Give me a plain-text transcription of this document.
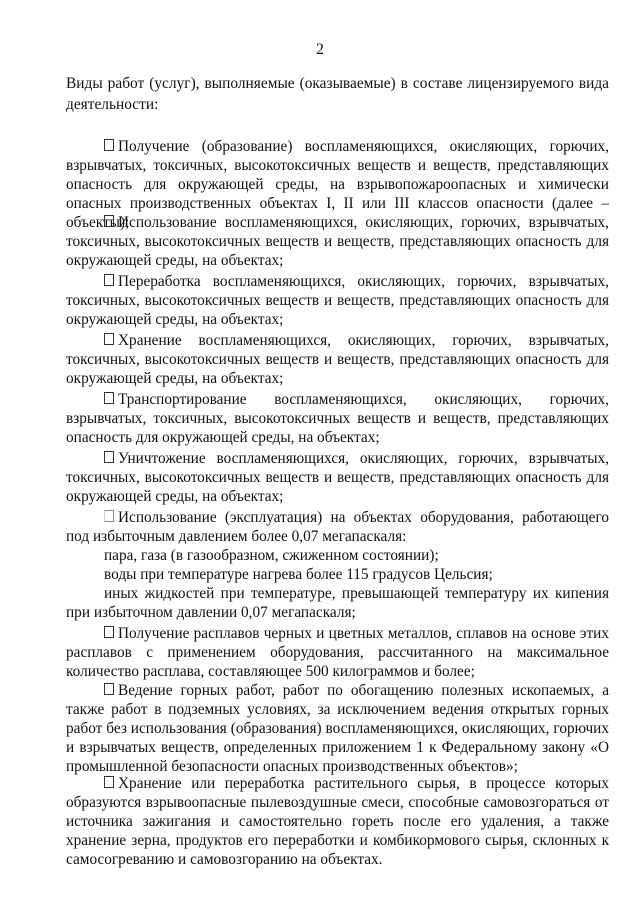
2
Виды работ (услуг), выполняемые (оказываемые) в составе лицензируемого вида деятельности:
Получение (образование) воспламеняющихся, окисляющих, горючих, взрывчатых, токсичных, высокотоксичных веществ и веществ, представляющих опасность для окружающей среды, на взрывопожароопасных и химически опасных производственных объектах I, II или III классов опасности (далее – объекты);
Использование воспламеняющихся, окисляющих, горючих, взрывчатых, токсичных, высокотоксичных веществ и веществ, представляющих опасность для окружающей среды, на объектах;
Переработка воспламеняющихся, окисляющих, горючих, взрывчатых, токсичных, высокотоксичных веществ и веществ, представляющих опасность для окружающей среды, на объектах;
Хранение воспламеняющихся, окисляющих, горючих, взрывчатых, токсичных, высокотоксичных веществ и веществ, представляющих опасность для окружающей среды, на объектах;
Транспортирование воспламеняющихся, окисляющих, горючих, взрывчатых, токсичных, высокотоксичных веществ и веществ, представляющих опасность для окружающей среды, на объектах;
Уничтожение воспламеняющихся, окисляющих, горючих, взрывчатых, токсичных, высокотоксичных веществ и веществ, представляющих опасность для окружающей среды, на объектах;
Использование (эксплуатация) на объектах оборудования, работающего под избыточным давлением более 0,07 мегапаскаля:
пара, газа (в газообразном, сжиженном состоянии);
воды при температуре нагрева более 115 градусов Цельсия;
иных жидкостей при температуре, превышающей температуру их кипения при избыточном давлении 0,07 мегапаскаля;
Получение расплавов черных и цветных металлов, сплавов на основе этих расплавов с применением оборудования, рассчитанного на максимальное количество расплава, составляющее 500 килограммов и более;
Ведение горных работ, работ по обогащению полезных ископаемых, а также работ в подземных условиях, за исключением ведения открытых горных работ без использования (образования) воспламеняющихся, окисляющих, горючих и взрывчатых веществ, определенных приложением 1 к Федеральному закону «О промышленной безопасности опасных производственных объектов»;
Хранение или переработка растительного сырья, в процессе которых образуются взрывоопасные пылевоздушные смеси, способные самовозгораться от источника зажигания и самостоятельно гореть после его удаления, а также хранение зерна, продуктов его переработки и комбикормового сырья, склонных к самосогреванию и самовозгоранию на объектах.
